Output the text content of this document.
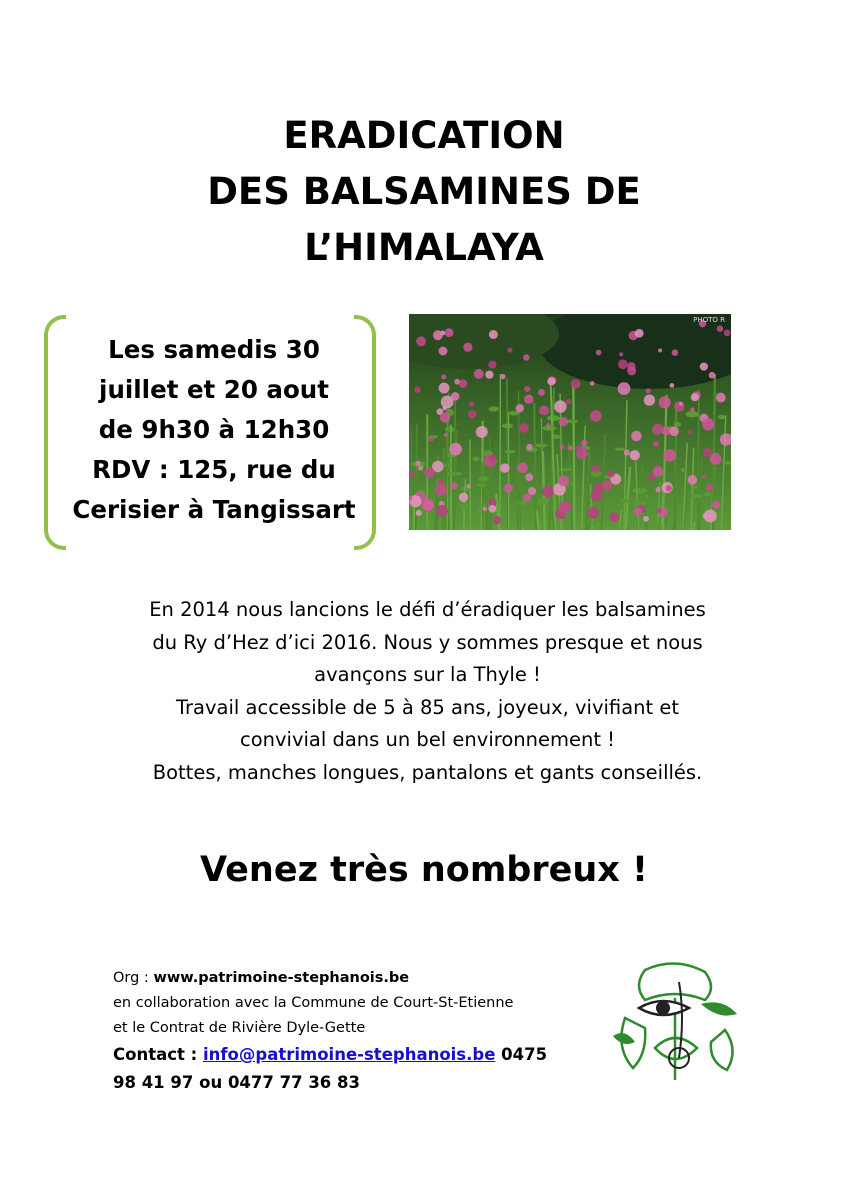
ERADICATION
DES BALSAMINES DE
L’HIMALAYA
Les samedis 30
juillet et 20 aout
de 9h30 à 12h30
RDV : 125, rue du
Cerisier à Tangissart
PHOTO R
En 2014 nous lancions le défi d’éradiquer les balsamines
du Ry d’Hez d’ici 2016. Nous y sommes presque et nous
avançons sur la Thyle !
Travail accessible de 5 à 85 ans, joyeux, vivifiant et
convivial dans un bel environnement !
Bottes, manches longues, pantalons et gants conseillés.
Venez très nombreux !
Org : www.patrimoine-stephanois.be
en collaboration avec la Commune de Court-St-Etienne
et le Contrat de Rivière Dyle-Gette
Contact : info@patrimoine-stephanois.be 0475
98 41 97 ou 0477 77 36 83
